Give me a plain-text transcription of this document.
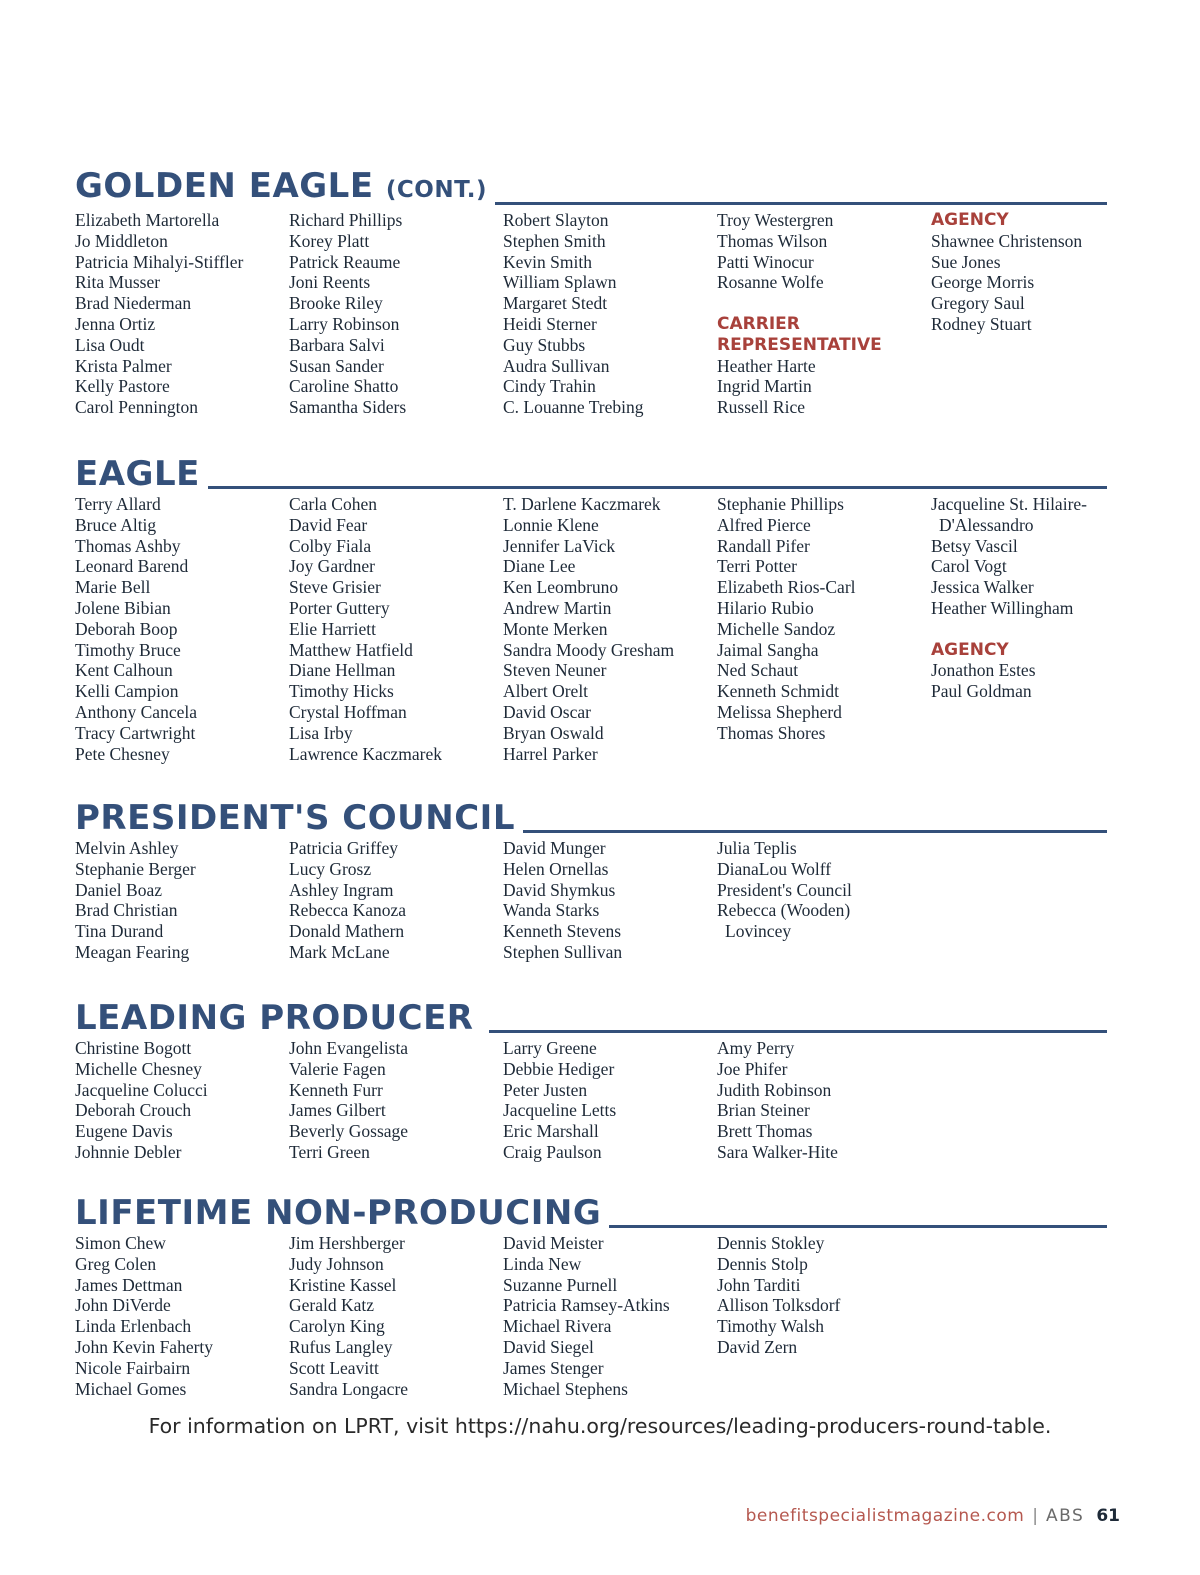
GOLDEN EAGLE (CONT.)
Elizabeth Martorella
Jo Middleton
Patricia Mihalyi-Stiffler
Rita Musser
Brad Niederman
Jenna Ortiz
Lisa Oudt
Krista Palmer
Kelly Pastore
Carol Pennington
Richard Phillips
Korey Platt
Patrick Reaume
Joni Reents
Brooke Riley
Larry Robinson
Barbara Salvi
Susan Sander
Caroline Shatto
Samantha Siders
Robert Slayton
Stephen Smith
Kevin Smith
William Splawn
Margaret Stedt
Heidi Sterner
Guy Stubbs
Audra Sullivan
Cindy Trahin
C. Louanne Trebing
Troy Westergren
Thomas Wilson
Patti Winocur
Rosanne Wolfe
CARRIER
REPRESENTATIVE
Heather Harte
Ingrid Martin
Russell Rice
AGENCY
Shawnee Christenson
Sue Jones
George Morris
Gregory Saul
Rodney Stuart
EAGLE
Terry Allard
Bruce Altig
Thomas Ashby
Leonard Barend
Marie Bell
Jolene Bibian
Deborah Boop
Timothy Bruce
Kent Calhoun
Kelli Campion
Anthony Cancela
Tracy Cartwright
Pete Chesney
Carla Cohen
David Fear
Colby Fiala
Joy Gardner
Steve Grisier
Porter Guttery
Elie Harriett
Matthew Hatfield
Diane Hellman
Timothy Hicks
Crystal Hoffman
Lisa Irby
Lawrence Kaczmarek
T. Darlene Kaczmarek
Lonnie Klene
Jennifer LaVick
Diane Lee
Ken Leombruno
Andrew Martin
Monte Merken
Sandra Moody Gresham
Steven Neuner
Albert Orelt
David Oscar
Bryan Oswald
Harrel Parker
Stephanie Phillips
Alfred Pierce
Randall Pifer
Terri Potter
Elizabeth Rios-Carl
Hilario Rubio
Michelle Sandoz
Jaimal Sangha
Ned Schaut
Kenneth Schmidt
Melissa Shepherd
Thomas Shores
Jacqueline St. Hilaire-
D'Alessandro
Betsy Vascil
Carol Vogt
Jessica Walker
Heather Willingham
AGENCY
Jonathon Estes
Paul Goldman
PRESIDENT'S COUNCIL
Melvin Ashley
Stephanie Berger
Daniel Boaz
Brad Christian
Tina Durand
Meagan Fearing
Patricia Griffey
Lucy Grosz
Ashley Ingram
Rebecca Kanoza
Donald Mathern
Mark McLane
David Munger
Helen Ornellas
David Shymkus
Wanda Starks
Kenneth Stevens
Stephen Sullivan
Julia Teplis
DianaLou Wolff
President's Council
Rebecca (Wooden)
Lovincey
LEADING PRODUCER
Christine Bogott
Michelle Chesney
Jacqueline Colucci
Deborah Crouch
Eugene Davis
Johnnie Debler
John Evangelista
Valerie Fagen
Kenneth Furr
James Gilbert
Beverly Gossage
Terri Green
Larry Greene
Debbie Hediger
Peter Justen
Jacqueline Letts
Eric Marshall
Craig Paulson
Amy Perry
Joe Phifer
Judith Robinson
Brian Steiner
Brett Thomas
Sara Walker-Hite
LIFETIME NON-PRODUCING
Simon Chew
Greg Colen
James Dettman
John DiVerde
Linda Erlenbach
John Kevin Faherty
Nicole Fairbairn
Michael Gomes
Jim Hershberger
Judy Johnson
Kristine Kassel
Gerald Katz
Carolyn King
Rufus Langley
Scott Leavitt
Sandra Longacre
David Meister
Linda New
Suzanne Purnell
Patricia Ramsey-Atkins
Michael Rivera
David Siegel
James Stenger
Michael Stephens
Dennis Stokley
Dennis Stolp
John Tarditi
Allison Tolksdorf
Timothy Walsh
David Zern
For information on LPRT, visit https://nahu.org/resources/leading-producers-round-table.
benefitspecialistmagazine.com | ABS 61
